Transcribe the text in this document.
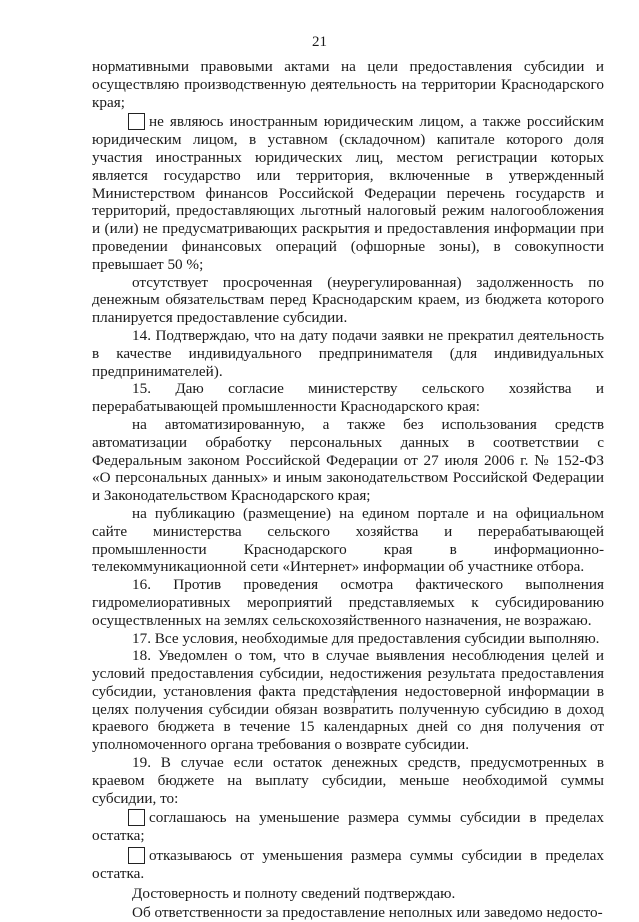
21

нормативными правовыми актами на цели предоставления субсидии и осуществляю производственную деятельность на территории Краснодарского края;

не являюсь иностранным юридическим лицом, а также российским юридическим лицом, в уставном (складочном) капитале которого доля участия иностранных юридических лиц, местом регистрации которых является государство или территория, включенные в утвержденный Министерством финансов Российской Федерации перечень государств и территорий, предоставляющих льготный налоговый режим налогообложения и (или) не предусматривающих раскрытия и предоставления информации при проведении финансовых операций (офшорные зоны), в совокупности превышает 50 %;

отсутствует просроченная (неурегулированная) задолженность по денежным обязательствам перед Краснодарским краем, из бюджета которого планируется предоставление субсидии.

14. Подтверждаю, что на дату подачи заявки не прекратил деятельность в качестве индивидуального предпринимателя (для индивидуальных предпринимателей).

15. Даю согласие министерству сельского хозяйства и перерабатывающей промышленности Краснодарского края:

на автоматизированную, а также без использования средств автоматизации обработку персональных данных в соответствии с Федеральным законом Российской Федерации от 27 июля 2006 г. № 152-ФЗ «О персональных данных» и иным законодательством Российской Федерации и Законодательством Краснодарского края;

на публикацию (размещение) на едином портале и на официальном сайте министерства сельского хозяйства и перерабатывающей промышленности Краснодарского края в информационно-телекоммуникационной сети «Интернет» информации об участнике отбора.

16. Против проведения осмотра фактического выполнения гидромелиоративных мероприятий представляемых к субсидированию осуществленных на землях сельскохозяйственного назначения, не возражаю.

17. Все условия, необходимые для предоставления субсидии выполняю.

18. Уведомлен о том, что в случае выявления несоблюдения целей и условий предоставления субсидии, недостижения результата предоставления субсидии, установления факта представления недостоверной информации в целях получения субсидии обязан возвратить полученную субсидию в доход краевого бюджета в течение 15 календарных дней со дня получения от уполномоченного органа требования о возврате субсидии.

19. В случае если остаток денежных средств, предусмотренных в краевом бюджете на выплату субсидии, меньше необходимой суммы субсидии, то:

соглашаюсь на уменьшение размера суммы субсидии в пределах остатка;

отказываюсь от уменьшения размера суммы субсидии в пределах остатка.

Достоверность и полноту сведений подтверждаю.

Об ответственности за предоставление неполных или заведомо недосто-
